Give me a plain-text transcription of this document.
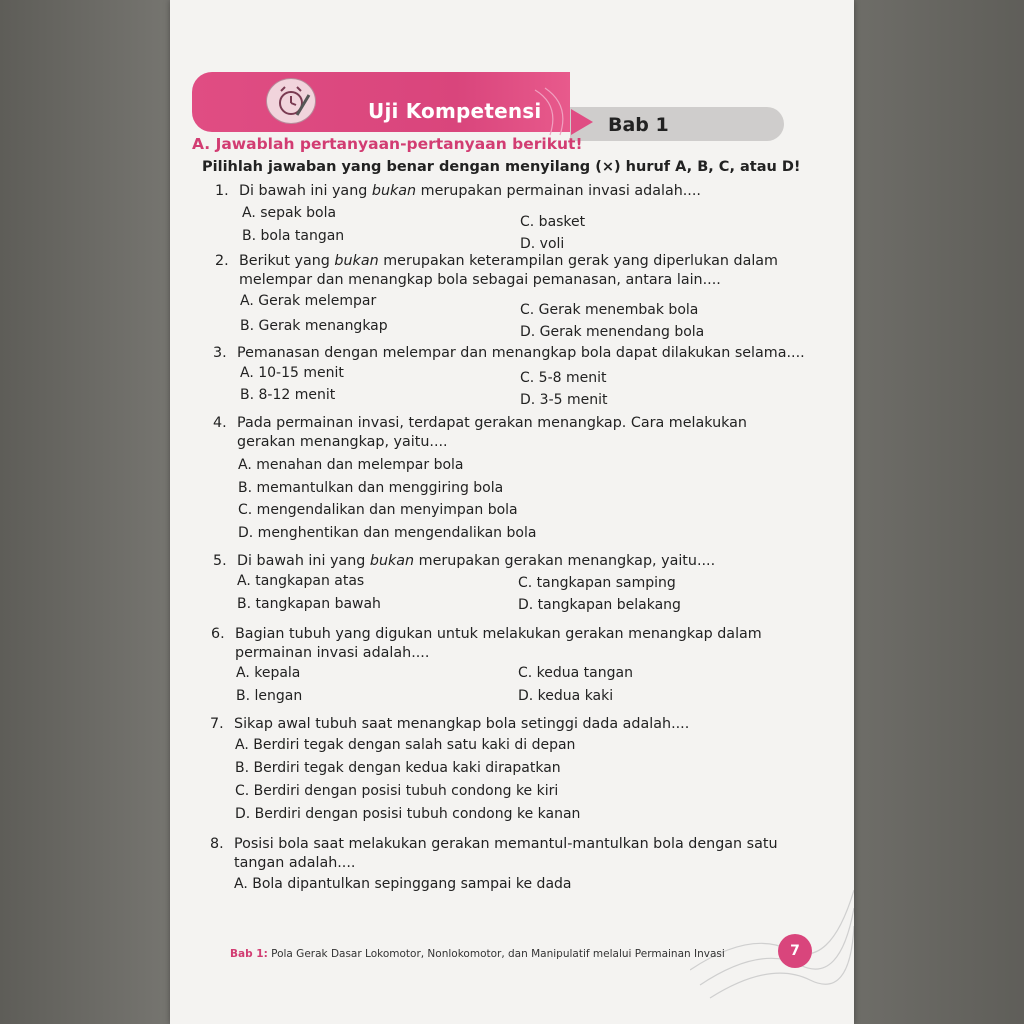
Uji Kompetensi
Bab 1
A. Jawablah pertanyaan-pertanyaan berikut!
Pilihlah jawaban yang benar dengan menyilang (×) huruf A, B, C, atau D!
1. Di bawah ini yang bukan merupakan permainan invasi adalah....
A. sepak bola
B. bola tangan
C. basket
D. voli
2. Berikut yang bukan merupakan keterampilan gerak yang diperlukan dalam
melempar dan menangkap bola sebagai pemanasan, antara lain....
A. Gerak melempar
B. Gerak menangkap
C. Gerak menembak bola
D. Gerak menendang bola
3. Pemanasan dengan melempar dan menangkap bola dapat dilakukan selama....
A. 10-15 menit
B. 8-12 menit
C. 5-8 menit
D. 3-5 menit
4. Pada permainan invasi, terdapat gerakan menangkap. Cara melakukan
gerakan menangkap, yaitu....
A. menahan dan melempar bola
B. memantulkan dan menggiring bola
C. mengendalikan dan menyimpan bola
D. menghentikan dan mengendalikan bola
5. Di bawah ini yang bukan merupakan gerakan menangkap, yaitu....
A. tangkapan atas
B. tangkapan bawah
C. tangkapan samping
D. tangkapan belakang
6. Bagian tubuh yang digukan untuk melakukan gerakan menangkap dalam
permainan invasi adalah....
A. kepala
B. lengan
C. kedua tangan
D. kedua kaki
7. Sikap awal tubuh saat menangkap bola setinggi dada adalah....
A. Berdiri tegak dengan salah satu kaki di depan
B. Berdiri tegak dengan kedua kaki dirapatkan
C. Berdiri dengan posisi tubuh condong ke kiri
D. Berdiri dengan posisi tubuh condong ke kanan
8. Posisi bola saat melakukan gerakan memantul-mantulkan bola dengan satu
tangan adalah....
A. Bola dipantulkan sepinggang sampai ke dada
Bab 1: Pola Gerak Dasar Lokomotor, Nonlokomotor, dan Manipulatif melalui Permainan Invasi	7
